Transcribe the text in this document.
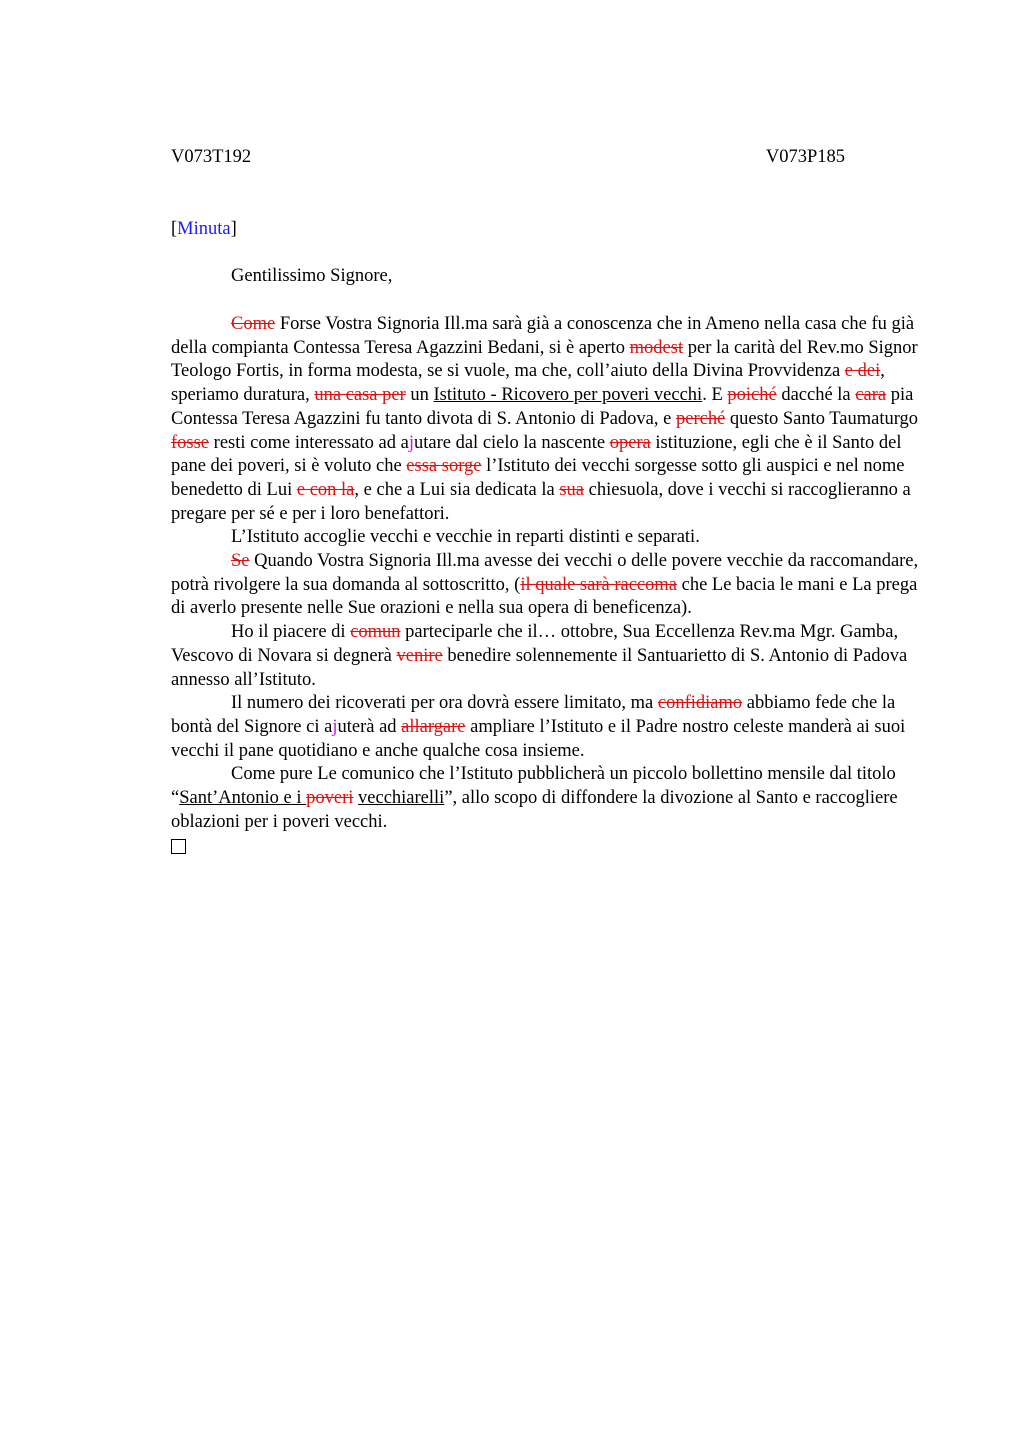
V073T192	V073P185
[Minuta]
Gentilissimo Signore,

Come Forse Vostra Signoria Ill.ma sarà già a conoscenza che in Ameno nella casa che fu già della compianta Contessa Teresa Agazzini Bedani, si è aperto modest per la carità del Rev.mo Signor Teologo Fortis, in forma modesta, se si vuole, ma che, coll’aiuto della Divina Provvidenza e dei, speriamo duratura, una casa per un Istituto - Ricovero per poveri vecchi. E poiché dacché la cara pia Contessa Teresa Agazzini fu tanto divota di S. Antonio di Padova, e perché questo Santo Taumaturgo fosse resti come interessato ad ajutare dal cielo la nascente opera istituzione, egli che è il Santo del pane dei poveri, si è voluto che essa sorge l’Istituto dei vecchi sorgesse sotto gli auspici e nel nome benedetto di Lui e con la, e che a Lui sia dedicata la sua chiesuola, dove i vecchi si raccoglieranno a pregare per sé e per i loro benefattori.

L’Istituto accoglie vecchi e vecchie in reparti distinti e separati.

Se Quando Vostra Signoria Ill.ma avesse dei vecchi o delle povere vecchie da raccomandare, potrà rivolgere la sua domanda al sottoscritto, (il quale sarà raccoma che Le bacia le mani e La prega di averlo presente nelle Sue orazioni e nella sua opera di beneficenza).

Ho il piacere di comun parteciparle che il… ottobre, Sua Eccellenza Rev.ma Mgr. Gamba, Vescovo di Novara si degnerà venire benedire solennemente il Santuarietto di S. Antonio di Padova annesso all’Istituto.

Il numero dei ricoverati per ora dovrà essere limitato, ma confidiamo abbiamo fede che la bontà del Signore ci ajuterà ad allargare ampliare l’Istituto e il Padre nostro celeste manderà ai suoi vecchi il pane quotidiano e anche qualche cosa insieme.

Come pure Le comunico che l’Istituto pubblicherà un piccolo bollettino mensile dal titolo “Sant’Antonio e i poveri vecchiarelli”, allo scopo di diffondere la divozione al Santo e raccogliere oblazioni per i poveri vecchi.
